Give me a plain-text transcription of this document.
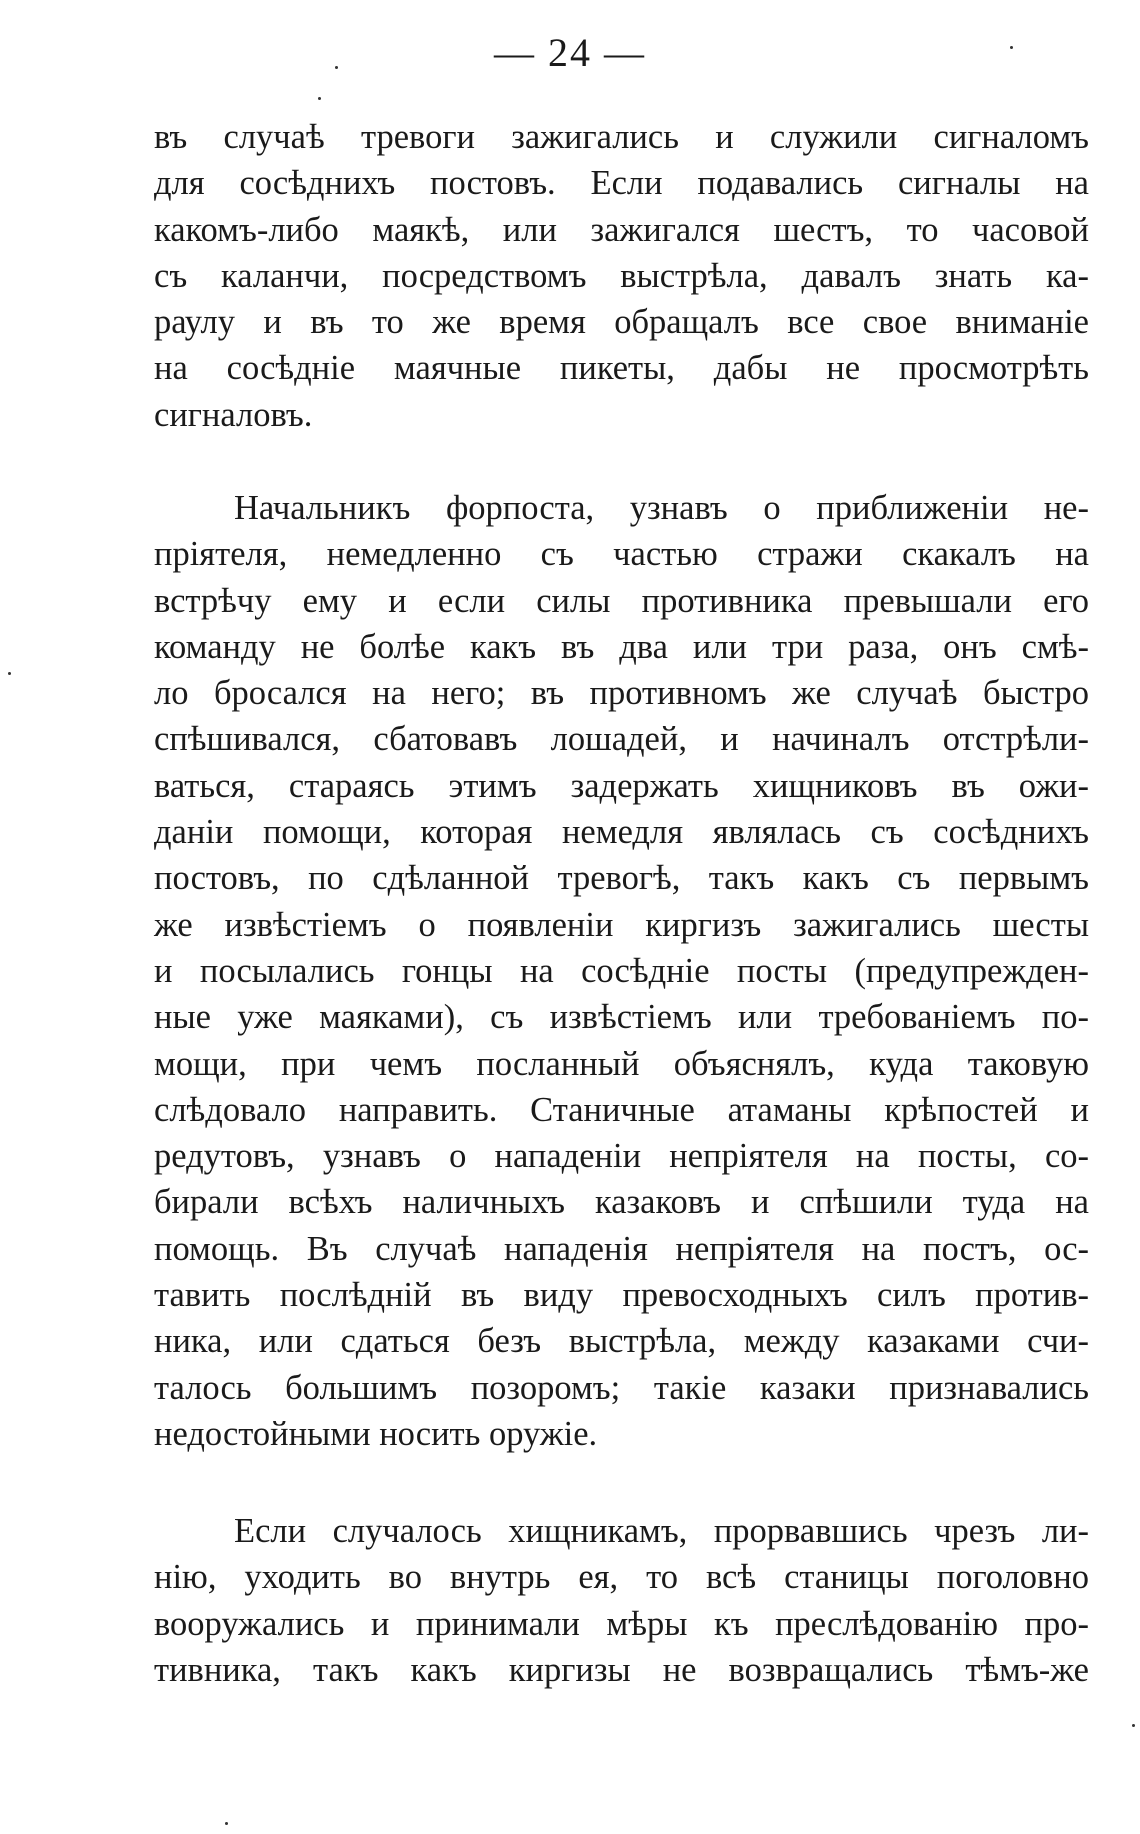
— 24 —
въ случаѣ тревоги зажигались и служили сигналомъ
для сосѣднихъ постовъ. Если подавались сигналы на
какомъ-либо маякѣ, или зажигался шестъ, то часовой
съ каланчи, посредствомъ выстрѣла, давалъ знать ка-
раулу и въ то же время обращалъ все свое вниманіе
на сосѣдніе маячные пикеты, дабы не просмотрѣть
сигналовъ.
Начальникъ форпоста, узнавъ о приближеніи не-
пріятеля, немедленно съ частью стражи скакалъ на
встрѣчу ему и если силы противника превышали его
команду не болѣе какъ въ два или три раза, онъ смѣ-
ло бросался на него; въ противномъ же случаѣ быстро
спѣшивался, сбатовавъ лошадей, и начиналъ отстрѣли-
ваться, стараясь этимъ задержать хищниковъ въ ожи-
даніи помощи, которая немедля являлась съ сосѣднихъ
постовъ, по сдѣланной тревогѣ, такъ какъ съ первымъ
же извѣстіемъ о появленіи киргизъ зажигались шесты
и посылались гонцы на сосѣдніе посты (предупрежден-
ные уже маяками), съ извѣстіемъ или требованіемъ по-
мощи, при чемъ посланный объяснялъ, куда таковую
слѣдовало направить. Станичные атаманы крѣпостей и
редутовъ, узнавъ о нападеніи непріятеля на посты, со-
бирали всѣхъ наличныхъ казаковъ и спѣшили туда на
помощь. Въ случаѣ нападенія непріятеля на постъ, ос-
тавить послѣдній въ виду превосходныхъ силъ против-
ника, или сдаться безъ выстрѣла, между казаками счи-
талось большимъ позоромъ; такіе казаки признавались
недостойными носить оружіе.
Если случалось хищникамъ, прорвавшись чрезъ ли-
нію, уходить во внутрь ея, то всѣ станицы поголовно
вооружались и принимали мѣры къ преслѣдованію про-
тивника, такъ какъ киргизы не возвращались тѣмъ-же
